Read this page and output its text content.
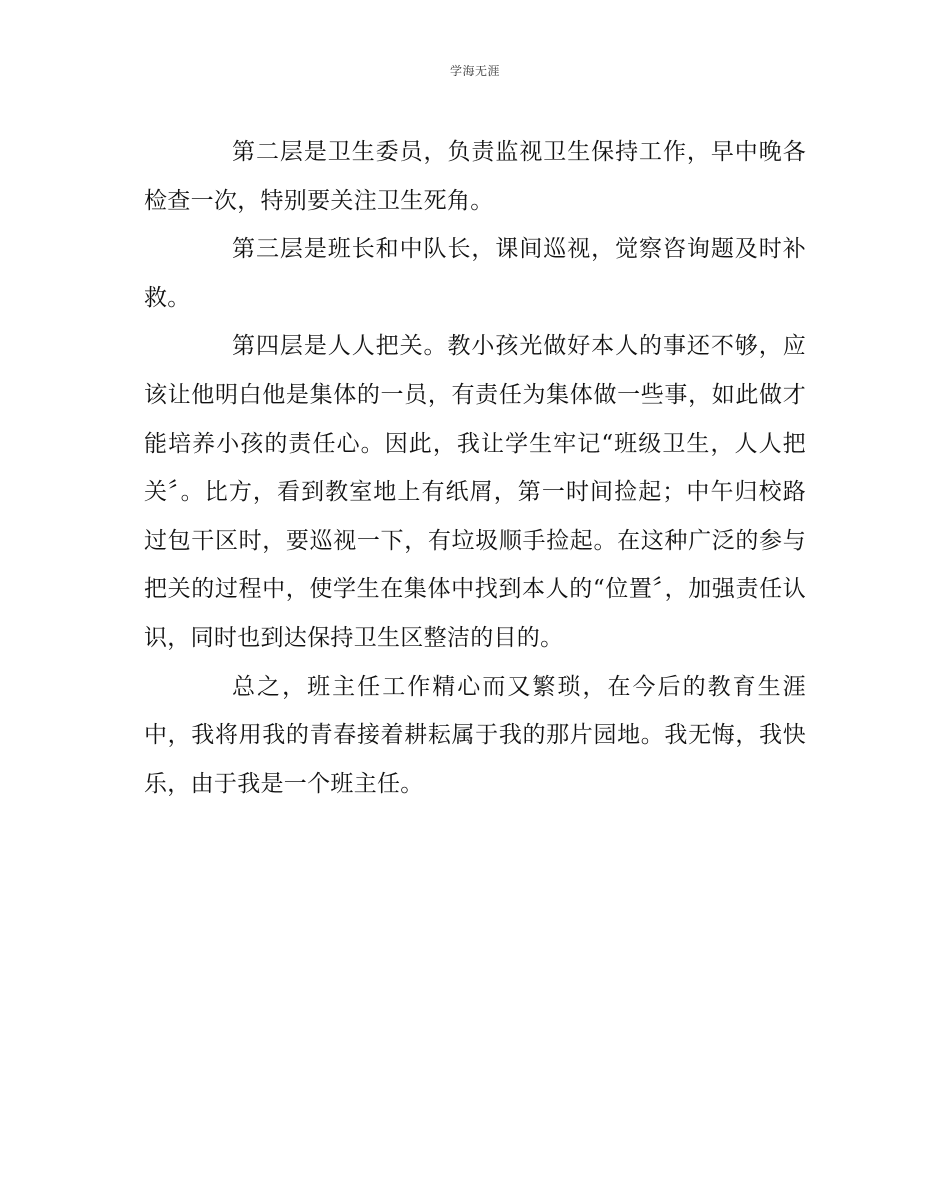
学海无涯

第二层是卫生委员，负责监视卫生保持工作，早中晚各检查一次，特别要关注卫生死角。

第三层是班长和中队长，课间巡视，觉察咨询题及时补救。

第四层是人人把关。教小孩光做好本人的事还不够，应该让他明白他是集体的一员，有责任为集体做一些事，如此做才能培养小孩的责任心。因此，我让学生牢记“班级卫生，人人把关〞。比方，看到教室地上有纸屑，第一时间捡起；中午归校路过包干区时，要巡视一下，有垃圾顺手捡起。在这种广泛的参与把关的过程中，使学生在集体中找到本人的“位置〞，加强责任认识，同时也到达保持卫生区整洁的目的。

总之，班主任工作精心而又繁琐，在今后的教育生涯中，我将用我的青春接着耕耘属于我的那片园地。我无悔，我快乐，由于我是一个班主任。
